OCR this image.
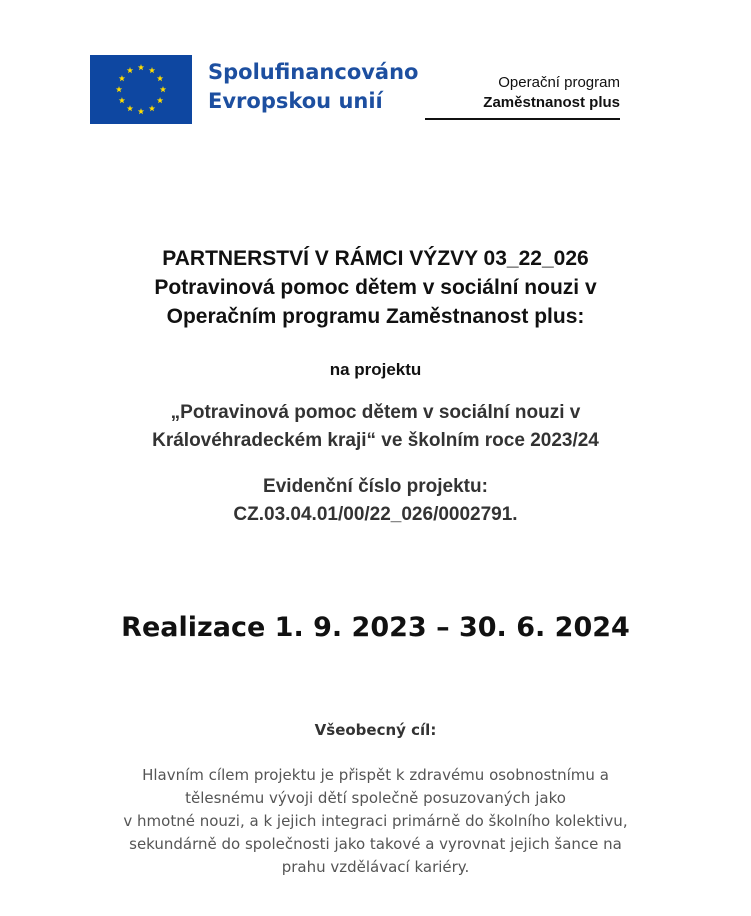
Spolufinancováno
Evropskou unií
Operační program
Zaměstnanost plus
PARTNERSTVÍ V RÁMCI VÝZVY 03_22_026
Potravinová pomoc dětem v sociální nouzi v
Operačním programu Zaměstnanost plus:
na projektu
„Potravinová pomoc dětem v sociální nouzi v
Královéhradeckém kraji“ ve školním roce 2023/24
Evidenční číslo projektu:
CZ.03.04.01/00/22_026/0002791.
Realizace 1. 9. 2023 – 30. 6. 2024
Všeobecný cíl:
Hlavním cílem projektu je přispět k zdravému osobnostnímu a
tělesnému vývoji dětí společně posuzovaných jako
v hmotné nouzi, a k jejich integraci primárně do školního kolektivu,
sekundárně do společnosti jako takové a vyrovnat jejich šance na
prahu vzdělávací kariéry.
